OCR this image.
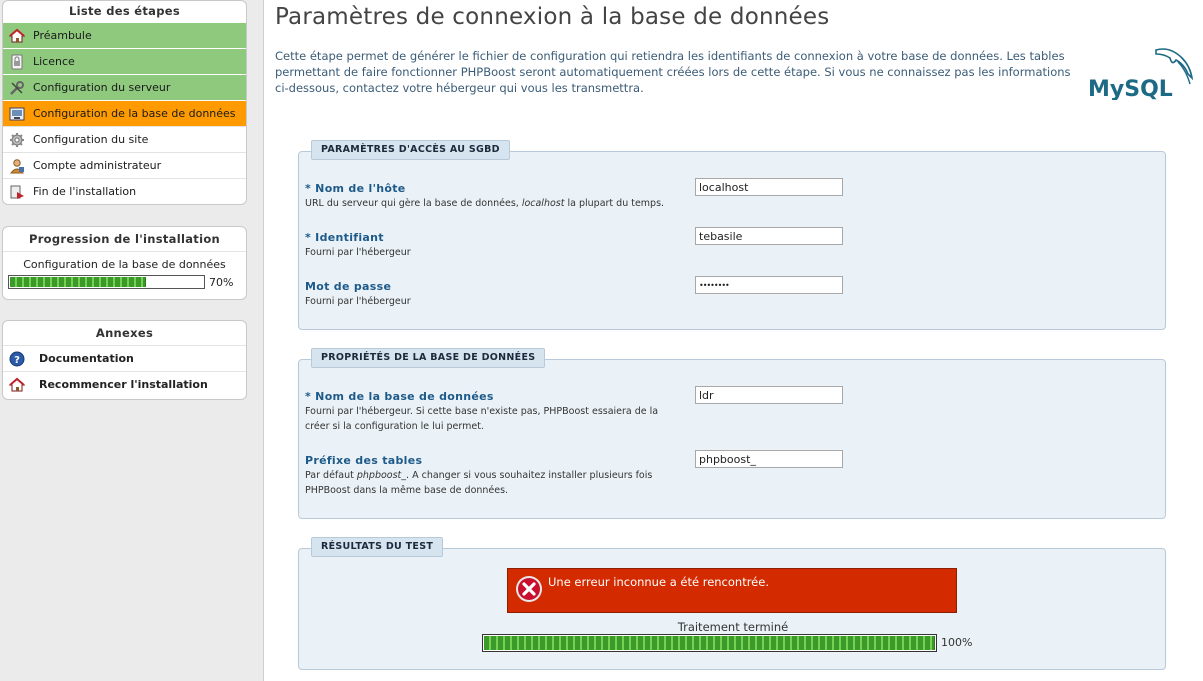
Liste des étapes
Préambule
Licence
Configuration du serveur
Configuration de la base de données
Configuration du site
Compte administrateur
Fin de l'installation
Progression de l'installation
Configuration de la base de données
70%
Annexes
? Documentation
Recommencer l'installation
Paramètres de connexion à la base de données
Cette étape permet de générer le fichier de configuration qui retiendra les identifiants de connexion à votre base de données. Les tables permettant de faire fonctionner PHPBoost seront automatiquement créées lors de cette étape. Si vous ne connaissez pas les informations ci-dessous, contactez votre hébergeur qui vous les transmettra.	MySQL
PARAMÈTRES D'ACCÈS AU SGBD
* Nom de l'hôte
URL du serveur qui gère la base de données, localhost la plupart du temps.
localhost
* Identifiant
Fourni par l'hébergeur
tebasile
Mot de passe
Fourni par l'hébergeur
••••••••
PROPRIÉTÉS DE LA BASE DE DONNÉES
* Nom de la base de données
Fourni par l'hébergeur. Si cette base n'existe pas, PHPBoost essaiera de la créer si la configuration le lui permet.
ldr
Préfixe des tables
Par défaut phpboost_. A changer si vous souhaitez installer plusieurs fois PHPBoost dans la même base de données.
phpboost_
RÉSULTATS DU TEST
Une erreur inconnue a été rencontrée.
Traitement terminé
100%
